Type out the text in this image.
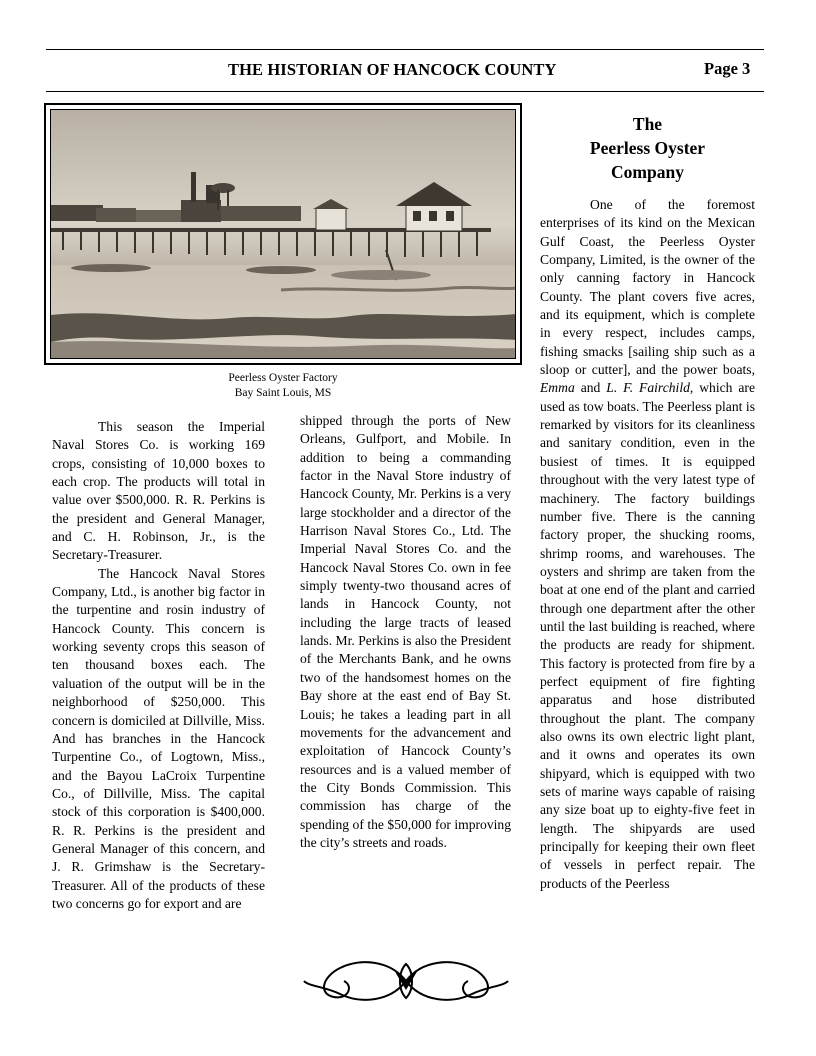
THE HISTORIAN OF HANCOCK COUNTY	Page 3
Peerless Oyster Factory
Bay Saint Louis, MS

This season the Imperial Naval Stores Co. is working 169 crops, consisting of 10,000 boxes to each crop. The products will total in value over $500,000. R. R. Perkins is the president and General Manager, and C. H. Robinson, Jr., is the Secretary-Treasurer.

The Hancock Naval Stores Company, Ltd., is another big factor in the turpentine and rosin industry of Hancock County. This concern is working seventy crops this season of ten thousand boxes each. The valuation of the output will be in the neighborhood of $250,000. This concern is domiciled at Dillville, Miss. And has branches in the Hancock Turpentine Co., of Logtown, Miss., and the Bayou LaCroix Turpentine Co., of Dillville, Miss. The capital stock of this corporation is $400,000. R. R. Perkins is the president and General Manager of this concern, and J. R. Grimshaw is the Secretary-Treasurer. All of the products of these two concerns go for export and are

shipped through the ports of New Orleans, Gulfport, and Mobile. In addition to being a commanding factor in the Naval Store industry of Hancock County, Mr. Perkins is a very large stockholder and a director of the Harrison Naval Stores Co., Ltd. The Imperial Naval Stores Co. and the Hancock Naval Stores Co. own in fee simply twenty-two thousand acres of lands in Hancock County, not including the large tracts of leased lands. Mr. Perkins is also the President of the Merchants Bank, and he owns two of the handsomest homes on the Bay shore at the east end of Bay St. Louis; he takes a leading part in all movements for the advancement and exploitation of Hancock County’s resources and is a valued member of the City Bonds Commission. This commission has charge of the spending of the $50,000 for improving the city’s streets and roads.

The
Peerless Oyster
Company

One of the foremost enterprises of its kind on the Mexican Gulf Coast, the Peerless Oyster Company, Limited, is the owner of the only canning factory in Hancock County. The plant covers five acres, and its equipment, which is complete in every respect, includes camps, fishing smacks [sailing ship such as a sloop or cutter], and the power boats, Emma and L. F. Fairchild, which are used as tow boats. The Peerless plant is remarked by visitors for its cleanliness and sanitary condition, even in the busiest of times. It is equipped throughout with the very latest type of machinery. The factory buildings number five. There is the canning factory proper, the shucking rooms, shrimp rooms, and warehouses. The oysters and shrimp are taken from the boat at one end of the plant and carried through one department after the other until the last building is reached, where the products are ready for shipment. This factory is protected from fire by a perfect equipment of fire fighting apparatus and hose distributed throughout the plant. The company also owns its own electric light plant, and it owns and operates its own shipyard, which is equipped with two sets of marine ways capable of raising any size boat up to eighty-five feet in length. The shipyards are used principally for keeping their own fleet of vessels in perfect repair. The products of the Peerless
